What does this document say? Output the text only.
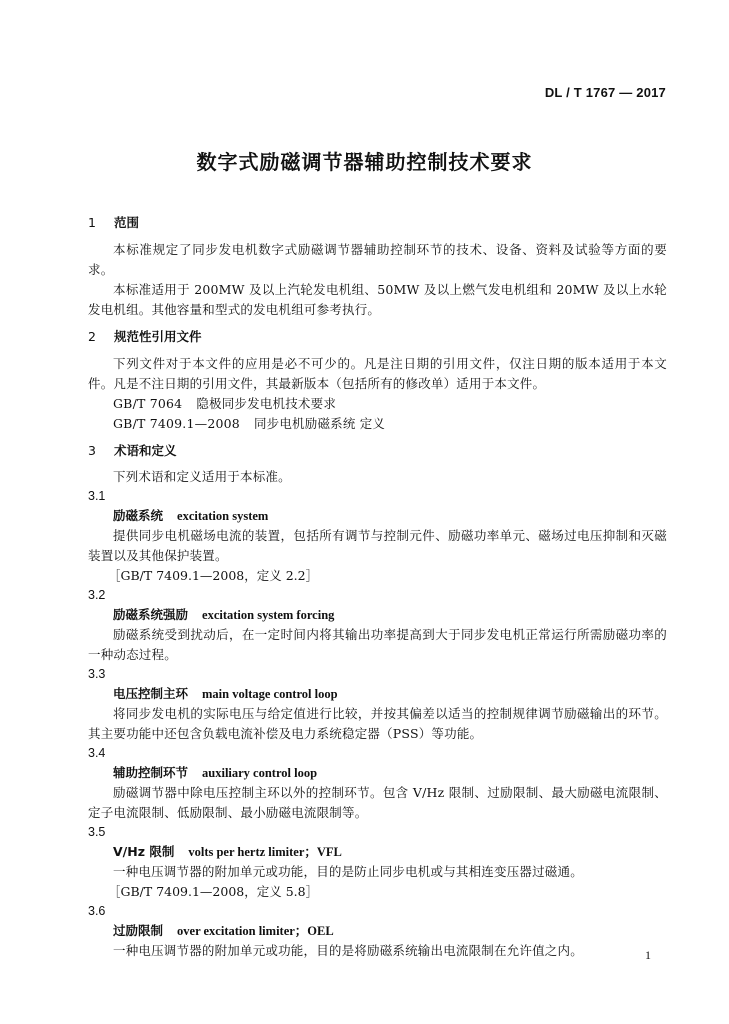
DL / T 1767 — 2017
数字式励磁调节器辅助控制技术要求
1 范围
本标准规定了同步发电机数字式励磁调节器辅助控制环节的技术、设备、资料及试验等方面的要求。
本标准适用于 200MW 及以上汽轮发电机组、50MW 及以上燃气发电机组和 20MW 及以上水轮发电机组。其他容量和型式的发电机组可参考执行。
2 规范性引用文件
下列文件对于本文件的应用是必不可少的。凡是注日期的引用文件，仅注日期的版本适用于本文件。凡是不注日期的引用文件，其最新版本（包括所有的修改单）适用于本文件。
GB/T 7064 隐极同步发电机技术要求
GB/T 7409.1—2008 同步电机励磁系统 定义
3 术语和定义
下列术语和定义适用于本标准。
3.1
励磁系统 excitation system
提供同步电机磁场电流的装置，包括所有调节与控制元件、励磁功率单元、磁场过电压抑制和灭磁装置以及其他保护装置。
［GB/T 7409.1—2008，定义 2.2］
3.2
励磁系统强励 excitation system forcing
励磁系统受到扰动后，在一定时间内将其输出功率提高到大于同步发电机正常运行所需励磁功率的一种动态过程。
3.3
电压控制主环 main voltage control loop
将同步发电机的实际电压与给定值进行比较，并按其偏差以适当的控制规律调节励磁输出的环节。其主要功能中还包含负载电流补偿及电力系统稳定器（PSS）等功能。
3.4
辅助控制环节 auxiliary control loop
励磁调节器中除电压控制主环以外的控制环节。包含 V/Hz 限制、过励限制、最大励磁电流限制、定子电流限制、低励限制、最小励磁电流限制等。
3.5
V/Hz 限制 volts per hertz limiter；VFL
一种电压调节器的附加单元或功能，目的是防止同步电机或与其相连变压器过磁通。
［GB/T 7409.1—2008，定义 5.8］
3.6
过励限制 over excitation limiter；OEL
一种电压调节器的附加单元或功能，目的是将励磁系统输出电流限制在允许值之内。	1
